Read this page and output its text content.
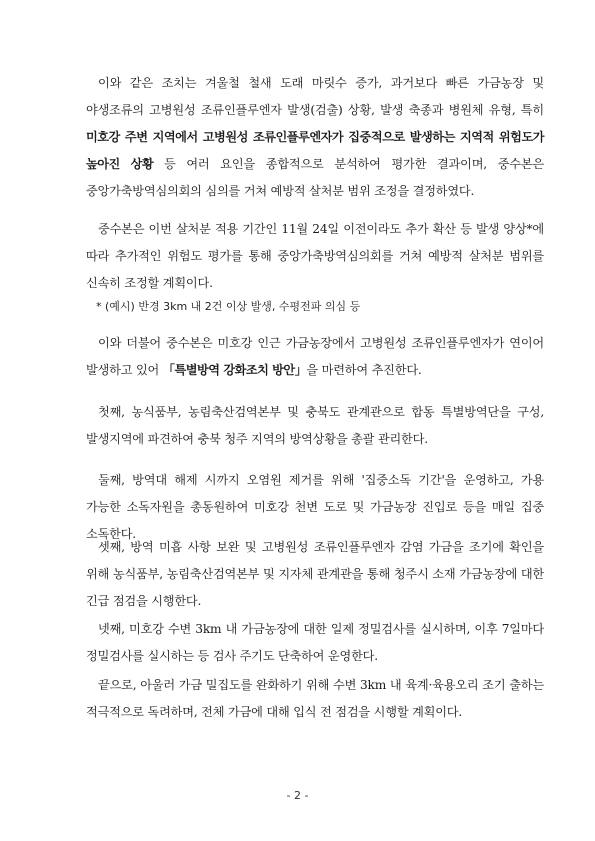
이와 같은 조치는 겨울철 철새 도래 마릿수 증가, 과거보다 빠른 가금농장 및 야생조류의 고병원성 조류인플루엔자 발생(검출) 상황, 발생 축종과 병원체 유형, 특히 미호강 주변 지역에서 고병원성 조류인플루엔자가 집중적으로 발생하는 지역적 위험도가 높아진 상황 등 여러 요인을 종합적으로 분석하여 평가한 결과이며, 중수본은 중앙가축방역심의회의 심의를 거쳐 예방적 살처분 범위 조정을 결정하였다.

중수본은 이번 살처분 적용 기간인 11월 24일 이전이라도 추가 확산 등 발생 양상*에 따라 추가적인 위험도 평가를 통해 중앙가축방역심의회를 거쳐 예방적 살처분 범위를 신속히 조정할 계획이다.

* (예시) 반경 3km 내 2건 이상 발생, 수평전파 의심 등

이와 더불어 중수본은 미호강 인근 가금농장에서 고병원성 조류인플루엔자가 연이어 발생하고 있어 「특별방역 강화조치 방안」을 마련하여 추진한다.

첫째, 농식품부, 농림축산검역본부 및 충북도 관계관으로 합동 특별방역단을 구성, 발생지역에 파견하여 충북 청주 지역의 방역상황을 총괄 관리한다.

둘째, 방역대 해제 시까지 오염원 제거를 위해 '집중소독 기간'을 운영하고, 가용 가능한 소독자원을 총동원하여 미호강 천변 도로 및 가금농장 진입로 등을 매일 집중 소독한다.

셋째, 방역 미흡 사항 보완 및 고병원성 조류인플루엔자 감염 가금을 조기에 확인을 위해 농식품부, 농림축산검역본부 및 지자체 관계관을 통해 청주시 소재 가금농장에 대한 긴급 점검을 시행한다.

넷째, 미호강 수변 3km 내 가금농장에 대한 일제 정밀검사를 실시하며, 이후 7일마다 정밀검사를 실시하는 등 검사 주기도 단축하여 운영한다.

끝으로, 아울러 가금 밀집도를 완화하기 위해 수변 3km 내 육계·육용오리 조기 출하는 적극적으로 독려하며, 전체 가금에 대해 입식 전 점검을 시행할 계획이다.

- 2 -
